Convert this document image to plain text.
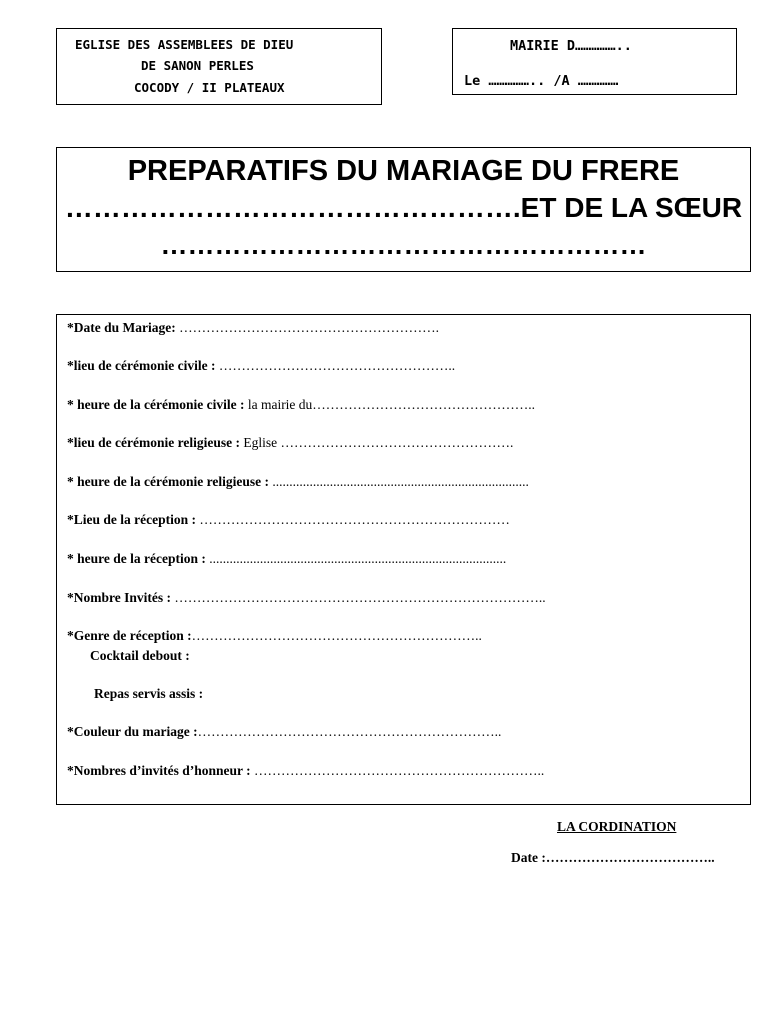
EGLISE DES ASSEMBLEES DE DIEU
DE SANON PERLES
COCODY / II PLATEAUX
MAIRIE D……………..
Le …………….. /A ……………
PREPARATIFS DU MARIAGE DU FRERE
………………………………………….ET DE LA SŒUR
………………………………………………
*Date du Mariage: ………………………………………………….
*lieu de cérémonie civile : ……………………………………………..
* heure de la cérémonie civile : la mairie du…………………………………………..
*lieu de cérémonie religieuse : Eglise …………………………………………….
* heure de la cérémonie religieuse : ............................................................................
*Lieu de la réception : ……………………………………………………………
* heure de la réception : ........................................................................................
*Nombre Invités : ………………………………………………………………………..
*Genre de réception :………………………………………………………..
Cocktail debout :
Repas servis assis :
*Couleur du mariage :…………………………………………………………..
*Nombres d’invités d’honneur : ………………………………………………………..
LA CORDINATION
Date :………………………………..
